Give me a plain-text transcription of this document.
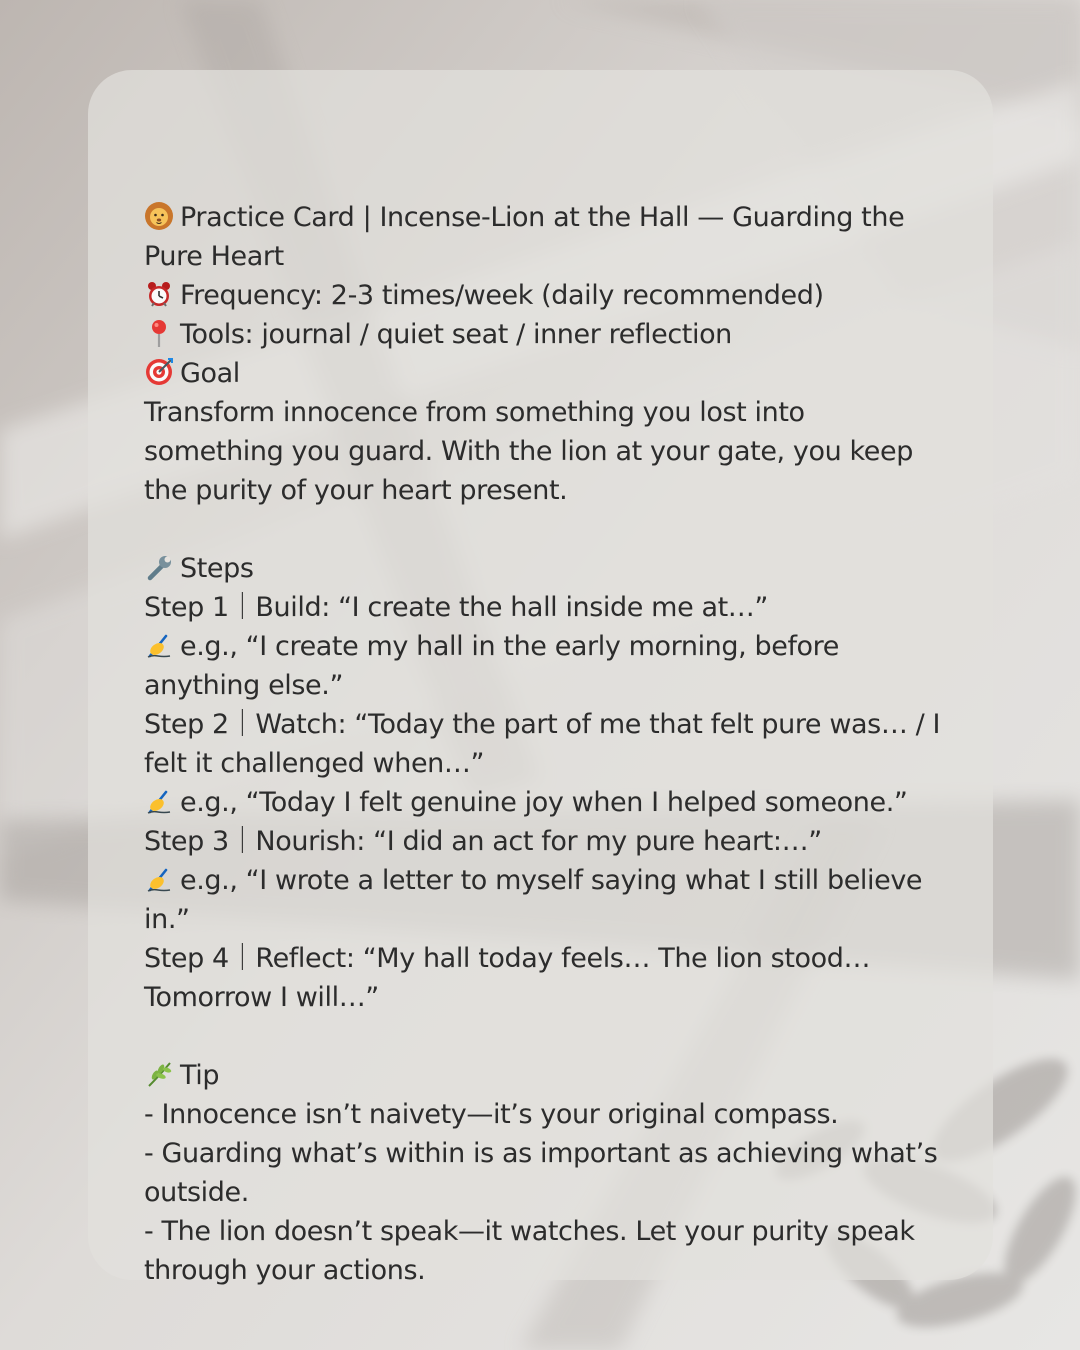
Practice Card | Incense-Lion at the Hall — Guarding the Pure Heart
Frequency: 2-3 times/week (daily recommended)
Tools: journal / quiet seat / inner reflection
Goal
Transform innocence from something you lost into something you guard. With the lion at your gate, you keep the purity of your heart present.
Steps
Step 1｜Build: “I create the hall inside me at…”
e.g., “I create my hall in the early morning, before anything else.”
Step 2｜Watch: “Today the part of me that felt pure was… / I felt it challenged when…”
e.g., “Today I felt genuine joy when I helped someone.”
Step 3｜Nourish: “I did an act for my pure heart:…”
e.g., “I wrote a letter to myself saying what I still believe in.”
Step 4｜Reflect: “My hall today feels… The lion stood… Tomorrow I will…”
Tip
- Innocence isn’t naivety—it’s your original compass.
- Guarding what’s within is as important as achieving what’s outside.
- The lion doesn’t speak—it watches. Let your purity speak through your actions.
